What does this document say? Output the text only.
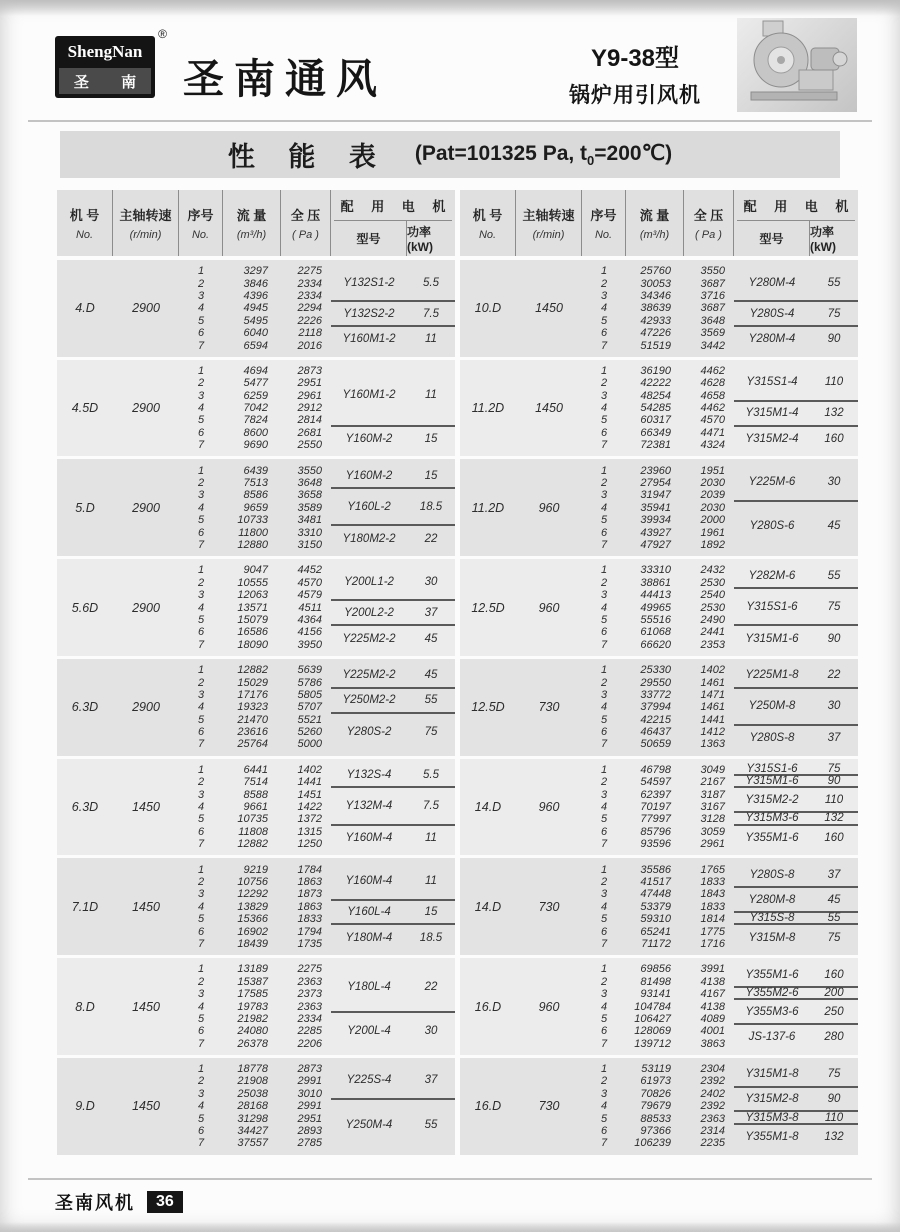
ShengNan
圣 南
®
圣南通风	Y9-38型
锅炉用引风机
性 能 表 (Pat=101325 Pa, $t_0=200℃$)
机 号
No.
主轴转速
(r/min)
序号
No.
流 量
(m³/h)
全 压
( Pa )
配 用 电 机
型号	功率(kW)
4.D	2900
1	3297	2275
2	3846	2334
3	4396	2334
4	4945	2294
5	5495	2226
6	6040	2118
7	6594	2016
Y132S1-2	5.5
Y132S2-2	7.5
Y160M1-2	11
4.5D	2900
1	4694	2873
2	5477	2951
3	6259	2961
4	7042	2912
5	7824	2814
6	8600	2681
7	9690	2550
Y160M1-2	11
Y160M-2	15
5.D	2900
1	6439	3550
2	7513	3648
3	8586	3658
4	9659	3589
5	10733	3481
6	11800	3310
7	12880	3150
Y160M-2	15
Y160L-2	18.5
Y180M2-2	22
5.6D	2900
1	9047	4452
2	10555	4570
3	12063	4579
4	13571	4511
5	15079	4364
6	16586	4156
7	18090	3950
Y200L1-2	30
Y200L2-2	37
Y225M2-2	45
6.3D	2900
1	12882	5639
2	15029	5786
3	17176	5805
4	19323	5707
5	21470	5521
6	23616	5260
7	25764	5000
Y225M2-2	45
Y250M2-2	55
Y280S-2	75
6.3D	1450
1	6441	1402
2	7514	1441
3	8588	1451
4	9661	1422
5	10735	1372
6	11808	1315
7	12882	1250
Y132S-4	5.5
Y132M-4	7.5
Y160M-4	11
7.1D	1450
1	9219	1784
2	10756	1863
3	12292	1873
4	13829	1863
5	15366	1833
6	16902	1794
7	18439	1735
Y160M-4	11
Y160L-4	15
Y180M-4	18.5
8.D	1450
1	13189	2275
2	15387	2363
3	17585	2373
4	19783	2363
5	21982	2334
6	24080	2285
7	26378	2206
Y180L-4	22
Y200L-4	30
9.D	1450
1	18778	2873
2	21908	2991
3	25038	3010
4	28168	2991
5	31298	2951
6	34427	2893
7	37557	2785
Y225S-4	37
Y250M-4	55
机 号
No.
主轴转速
(r/min)
序号
No.
流 量
(m³/h)
全 压
( Pa )
配 用 电 机
型号	功率(kW)
10.D	1450
1	25760	3550
2	30053	3687
3	34346	3716
4	38639	3687
5	42933	3648
6	47226	3569
7	51519	3442
Y280M-4	55
Y280S-4	75
Y280M-4	90
11.2D	1450
1	36190	4462
2	42222	4628
3	48254	4658
4	54285	4462
5	60317	4570
6	66349	4471
7	72381	4324
Y315S1-4	110
Y315M1-4	132
Y315M2-4	160
11.2D	960
1	23960	1951
2	27954	2030
3	31947	2039
4	35941	2030
5	39934	2000
6	43927	1961
7	47927	1892
Y225M-6	30
Y280S-6	45
12.5D	960
1	33310	2432
2	38861	2530
3	44413	2540
4	49965	2530
5	55516	2490
6	61068	2441
7	66620	2353
Y282M-6	55
Y315S1-6	75
Y315M1-6	90
12.5D	730
1	25330	1402
2	29550	1461
3	33772	1471
4	37994	1461
5	42215	1441
6	46437	1412
7	50659	1363
Y225M1-8	22
Y250M-8	30
Y280S-8	37
14.D	960
1	46798	3049
2	54597	2167
3	62397	3187
4	70197	3167
5	77997	3128
6	85796	3059
7	93596	2961
Y315S1-6	75
Y315M1-6	90
Y315M2-2	110
Y315M3-6	132
Y355M1-6	160
14.D	730
1	35586	1765
2	41517	1833
3	47448	1843
4	53379	1833
5	59310	1814
6	65241	1775
7	71172	1716
Y280S-8	37
Y280M-8	45
Y315S-8	55
Y315M-8	75
16.D	960
1	69856	3991
2	81498	4138
3	93141	4167
4	104784	4138
5	106427	4089
6	128069	4001
7	139712	3863
Y355M1-6	160
Y355M2-6	200
Y355M3-6	250
JS-137-6	280
16.D	730
1	53119	2304
2	61973	2392
3	70826	2402
4	79679	2392
5	88533	2363
6	97366	2314
7	106239	2235
Y315M1-8	75
Y315M2-8	90
Y315M3-8	110
Y355M1-8	132
圣南风机	36
